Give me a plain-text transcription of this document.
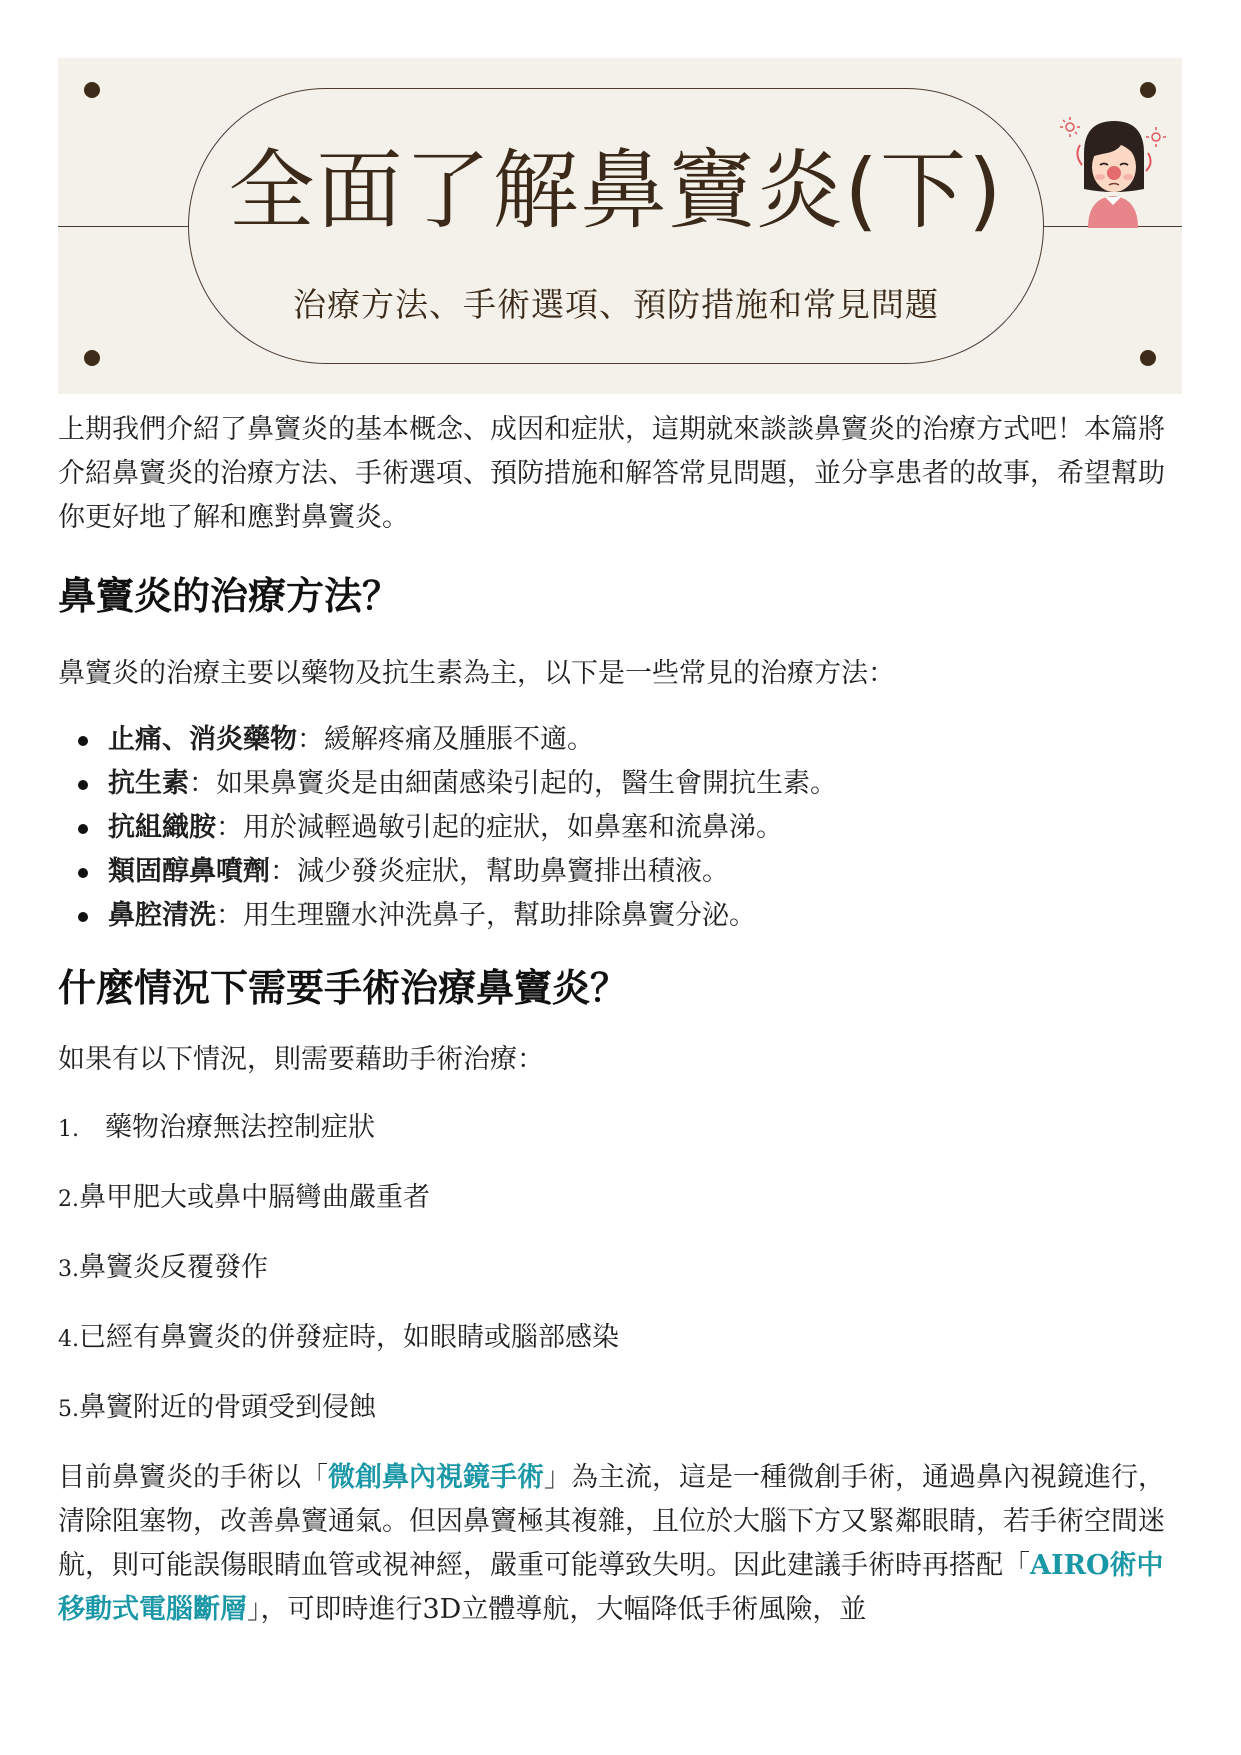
全面了解鼻竇炎(下)
治療方法、手術選項、預防措施和常見問題

上期我們介紹了鼻竇炎的基本概念、成因和症狀，這期就來談談鼻竇炎的治療方式吧！本篇將介紹鼻竇炎的治療方法、手術選項、預防措施和解答常見問題，並分享患者的故事，希望幫助你更好地了解和應對鼻竇炎。

鼻竇炎的治療方法？

鼻竇炎的治療主要以藥物及抗生素為主，以下是一些常見的治療方法：

止痛、消炎藥物：緩解疼痛及腫脹不適。
抗生素：如果鼻竇炎是由細菌感染引起的，醫生會開抗生素。
抗組織胺：用於減輕過敏引起的症狀，如鼻塞和流鼻涕。
類固醇鼻噴劑：減少發炎症狀，幫助鼻竇排出積液。
鼻腔清洗：用生理鹽水沖洗鼻子，幫助排除鼻竇分泌。
什麼情況下需要手術治療鼻竇炎？

如果有以下情況，則需要藉助手術治療：

1. 藥物治療無法控制症狀
2.鼻甲肥大或鼻中膈彎曲嚴重者
3.鼻竇炎反覆發作
4.已經有鼻竇炎的併發症時，如眼睛或腦部感染
5.鼻竇附近的骨頭受到侵蝕

目前鼻竇炎的手術以「微創鼻內視鏡手術」為主流，這是一種微創手術，通過鼻內視鏡進行，清除阻塞物，改善鼻竇通氣。但因鼻竇極其複雜，且位於大腦下方又緊鄰眼睛，若手術空間迷航，則可能誤傷眼睛血管或視神經，嚴重可能導致失明。因此建議手術時再搭配「AIRO術中移動式電腦斷層」，可即時進行3D立體導航，大幅降低手術風險，並
